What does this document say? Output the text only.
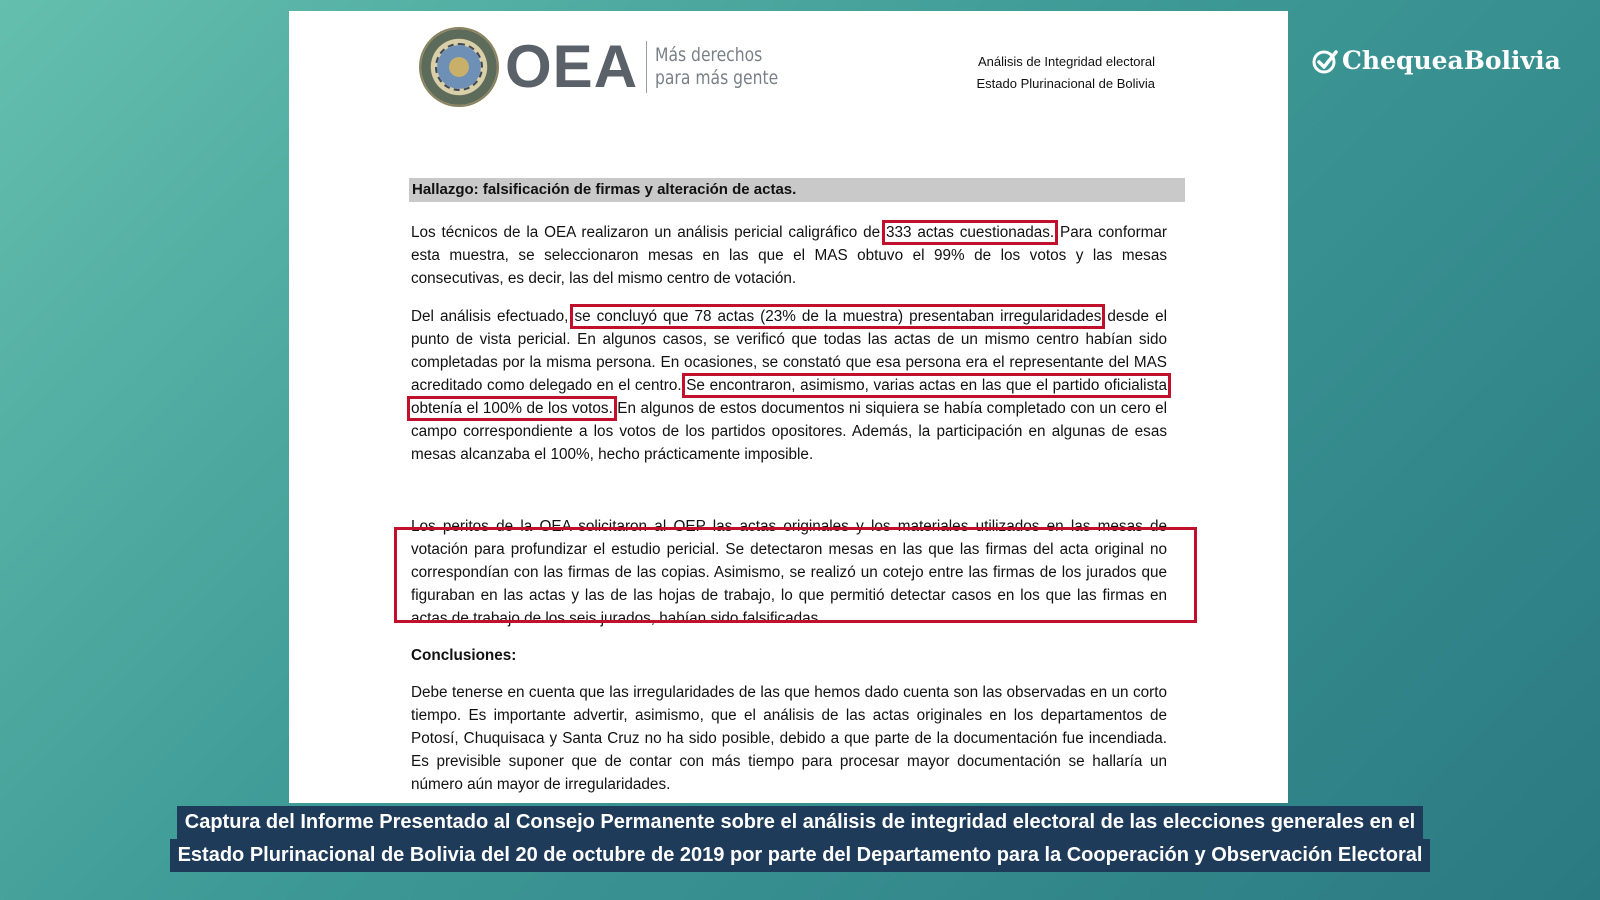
OEA Más derechos
para más gente
Análisis de Integridad electoral
Estado Plurinacional de Bolivia
Hallazgo: falsificación de firmas y alteración de actas.
Los técnicos de la OEA realizaron un análisis pericial caligráfico de 333 actas cuestionadas. Para conformar esta muestra, se seleccionaron mesas en las que el MAS obtuvo el 99% de los votos y las mesas consecutivas, es decir, las del mismo centro de votación.
Del análisis efectuado, se concluyó que 78 actas (23% de la muestra) presentaban irregularidades desde el punto de vista pericial. En algunos casos, se verificó que todas las actas de un mismo centro habían sido completadas por la misma persona. En ocasiones, se constató que esa persona era el representante del MAS acreditado como delegado en el centro. Se encontraron, asimismo, varias actas en las que el partido oficialista obtenía el 100% de los votos. En algunos de estos documentos ni siquiera se había completado con un cero el campo correspondiente a los votos de los partidos opositores. Además, la participación en algunas de esas mesas alcanzaba el 100%, hecho prácticamente imposible.
Los peritos de la OEA solicitaron al OEP las actas originales y los materiales utilizados en las mesas de votación para profundizar el estudio pericial. Se detectaron mesas en las que las firmas del acta original no correspondían con las firmas de las copias. Asimismo, se realizó un cotejo entre las firmas de los jurados que figuraban en las actas y las de las hojas de trabajo, lo que permitió detectar casos en los que las firmas en actas de trabajo de los seis jurados, habían sido falsificadas.
Conclusiones:
Debe tenerse en cuenta que las irregularidades de las que hemos dado cuenta son las observadas en un corto tiempo. Es importante advertir, asimismo, que el análisis de las actas originales en los departamentos de Potosí, Chuquisaca y Santa Cruz no ha sido posible, debido a que parte de la documentación fue incendiada. Es previsible suponer que de contar con más tiempo para procesar mayor documentación se hallaría un número aún mayor de irregularidades.
ChequeaBolivia
Captura del Informe Presentado al Consejo Permanente sobre el análisis de integridad electoral de las elecciones generales en el
Estado Plurinacional de Bolivia del 20 de octubre de 2019 por parte del Departamento para la Cooperación y Observación Electoral
